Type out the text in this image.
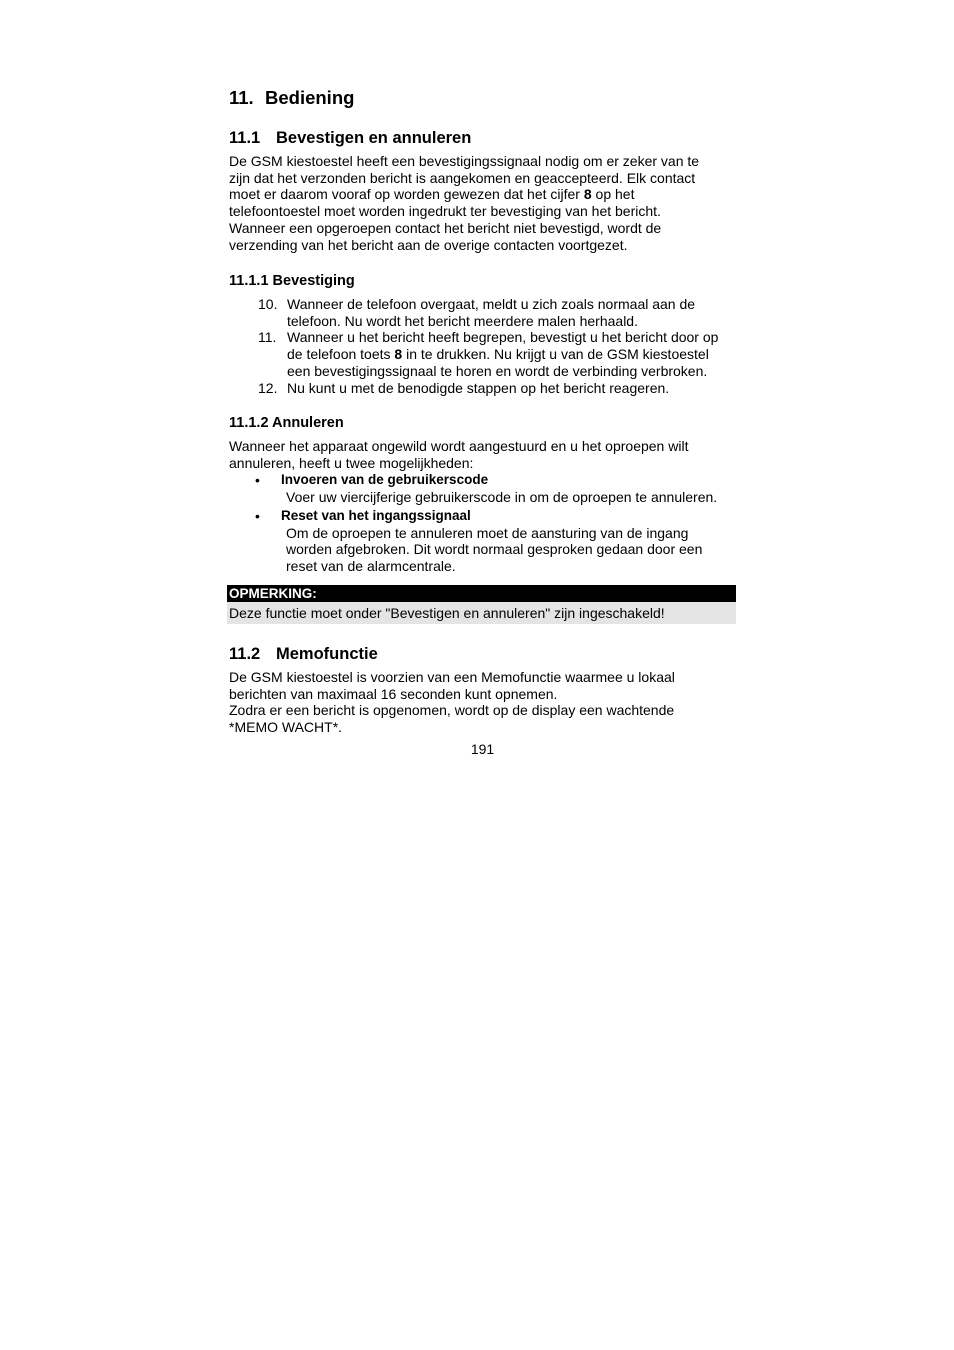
11. Bediening
11.1 Bevestigen en annuleren

De GSM kiestoestel heeft een bevestigingssignaal nodig om er zeker van te
zijn dat het verzonden bericht is aangekomen en geaccepteerd. Elk contact
moet er daarom vooraf op worden gewezen dat het cijfer 8 op het
telefoontoestel moet worden ingedrukt ter bevestiging van het bericht.
Wanneer een opgeroepen contact het bericht niet bevestigd, wordt de
verzending van het bericht aan de overige contacten voortgezet.

11.1.1 Bevestiging
10. Wanneer de telefoon overgaat, meldt u zich zoals normaal aan de
telefoon. Nu wordt het bericht meerdere malen herhaald.
11. Wanneer u het bericht heeft begrepen, bevestigt u het bericht door op
de telefoon toets 8 in te drukken. Nu krijgt u van de GSM kiestoestel
een bevestigingssignaal te horen en wordt de verbinding verbroken.
12. Nu kunt u met de benodigde stappen op het bericht reageren.
11.1.2 Annuleren

Wanneer het apparaat ongewild wordt aangestuurd en u het oproepen wilt
annuleren, heeft u twee mogelijkheden:

• Invoeren van de gebruikerscode
Voer uw viercijferige gebruikerscode in om de oproepen te annuleren.
• Reset van het ingangssignaal
Om de oproepen te annuleren moet de aansturing van de ingang
worden afgebroken. Dit wordt normaal gesproken gedaan door een
reset van de alarmcentrale.
OPMERKING:
Deze functie moet onder "Bevestigen en annuleren" zijn ingeschakeld!
11.2 Memofunctie

De GSM kiestoestel is voorzien van een Memofunctie waarmee u lokaal
berichten van maximaal 16 seconden kunt opnemen.
Zodra er een bericht is opgenomen, wordt op de display een wachtende
*MEMO WACHT*.

191
